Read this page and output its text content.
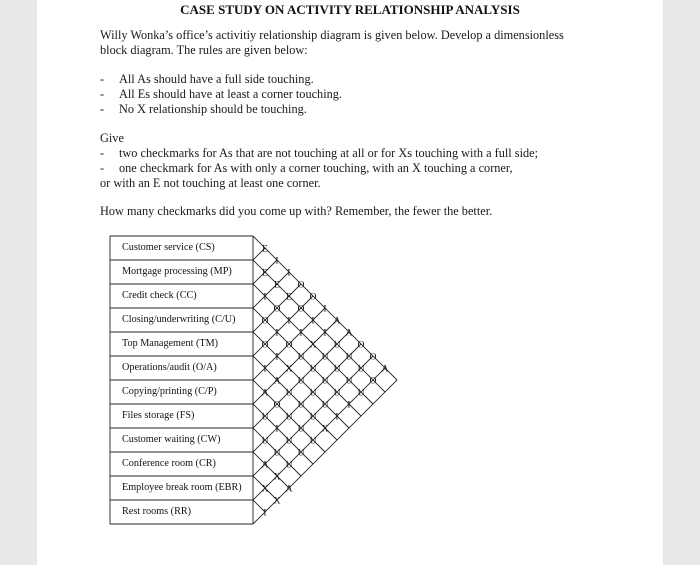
CASE STUDY ON ACTIVITY RELATIONSHIP ANALYSIS
Willy Wonka’s office’s activitiy relationship diagram is given below. Develop a dimensionless
block diagram. The rules are given below:
- All As should have a full side touching.
- All Es should have at least a corner touching.
- No X relationship should be touching.
Give
- two checkmarks for As that are not touching at all or for Xs touching with a full side;
- one checkmark for As with only a corner touching, with an X touching a corner,
or with an E not touching at least one corner.
How many checkmarks did you come up with? Remember, the fewer the better.
Customer service (CS)
Mortgage processing (MP)
Credit check (CC)
Closing/underwriting (C/U)
Top Management (TM)
Operations/audit (O/A)
Copying/printing (C/P)
Files storage (FS)
Customer waiting (CW)
Conference room (CR)
Employee break room (EBR)
Rest rooms (RR)
E
I
I
O
O
I
A
A
O
O
A
E
E
E
O
I
I
U
U
U
O
I
O
I
I
X
U
U
U
U
O
I
O
U
U
U
U
I
O
I
X
U
U
U
I
I
A
U
U
U
X
A
O
U
U
U
U
I
U
U
U
U
U
A
X
A
X
X
I
